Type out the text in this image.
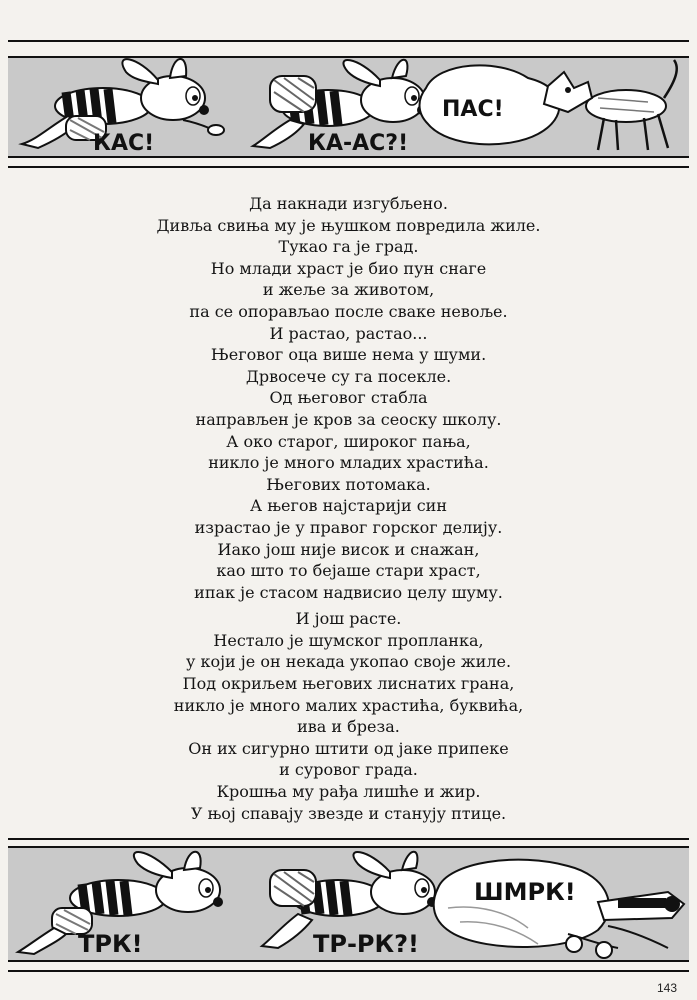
КАС!	КА-АС?!
ПАС!

Да накнади изгубљено.
Дивља свиња му је њушком повредила жиле.
Тукао га је град.
Но млади храст је био пун снаге
и жеље за животом,
па се опорављао после сваке невоље.
И растао, растао...
Његовог оца више нема у шуми.
Дрвосече су га посекле.
Од његовог стабла
направљен је кров за сеоску школу.
А око старог, широког пања,
никло је много младих храстића.
Његових потомака.
А његов најстарији син
израстао је у правог горског делију.
Иако још није висок и снажан,
као што то бејаше стари храст,
ипак је стасом надвисио целу шуму.

И још расте.
Нестало је шумског пропланка,
у који је он некада укопао своје жиле.
Под окриљем његових лиснатих грана,
никло је много малих храстића, буквића,
ива и бреза.
Он их сигурно штити од јаке припеке
и суровог града.
Крошња му рађа лишће и жир.
У њој спавају звезде и стануjу птице.

ТРК!	ТР-РК?!
ШМРК!
143
